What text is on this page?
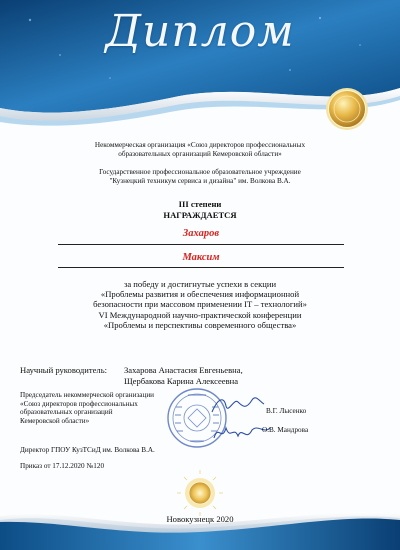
Диплом
Некоммерческая организация «Союз директоров профессиональных
образовательных организаций Кемеровской области»
Государственное профессиональное образовательное учреждение
"Кузнецкий техникум сервиса и дизайна" им. Волкова В.А.
III степени
НАГРАЖДАЕТСЯ
Захаров
Максим
за победу и достигнутые успехи в секции
«Проблемы развития и обеспечения информационной
безопасности при массовом применении IT – технологий»
VI Международной научно-практической конференции
«Проблемы и перспективы современного общества»
Научный руководитель: Захарова Анастасия Евгеньевна,
Щербакова Карина Алексеевна
Председатель некоммерческой организации
«Союз директоров профессиональных
образовательных организаций
Кемеровской области»
В.Г. Лысенко
О.В. Мандрова
Директор ГПОУ КузТСиД им. Волкова В.А.
Приказ от 17.12.2020 №120
Новокузнецк 2020
